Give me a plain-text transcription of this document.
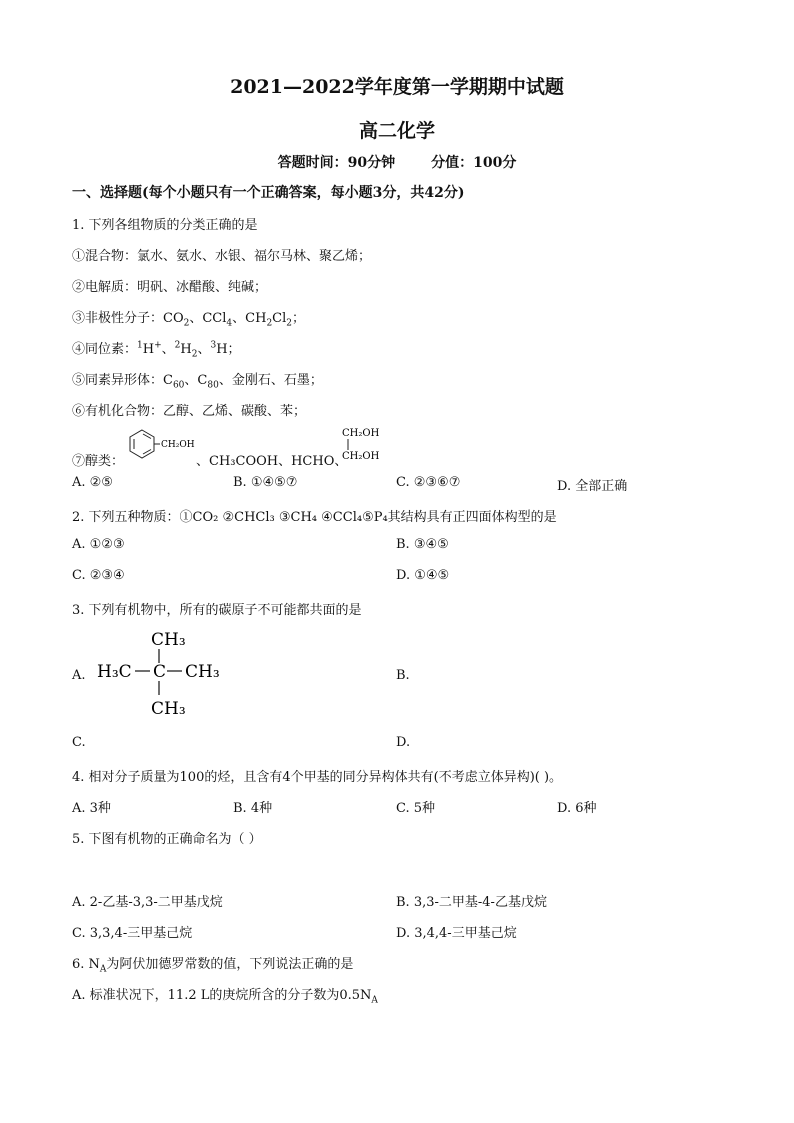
2021—2022学年度第一学期期中试题
高二化学
答题时间：90分钟	分值：100分
一、选择题(每个小题只有一个正确答案，每小题3分，共42分)
1. 下列各组物质的分类正确的是
①混合物：氯水、氨水、水银、福尔马林、聚乙烯；
②电解质：明矾、冰醋酸、纯碱；
③非极性分子：$CO_2$、CCl$_4$、$CH_2Cl_2$；
④同位素：$^1$H+、$^2H_2$、$^3$H；
⑤同素异形体：$C_{60}$、$C_{80}$、金刚石、石墨；
⑥有机化合物：乙醇、乙烯、碳酸、苯；
⑦醇类：
CH₂OH
、CH₃COOH、HCHO、
CH₂OH
CH₂OH
A. ②⑤	B. ①④⑤⑦	C. ②③⑥⑦	D. 全部正确
2. 下列五种物质：①CO₂ ②CHCl₃ ③CH₄ ④CCl₄⑤P₄其结构具有正四面体构型的是
A. ①②③	B. ③④⑤
C. ②③④	D. ①④⑤
3. 下列有机物中，所有的碳原子不可能都共面的是
A.
CH₃
H₃C C CH₃
CH₃
B.
C.	D.
4. 相对分子质量为100的烃，且含有4个甲基的同分异构体共有(不考虑立体异构)( )。
A. 3种	B. 4种	C. 5种	D. 6种
5. 下图有机物的正确命名为（ ）
A. 2-乙基-3,3-二甲基戊烷	B. 3,3-二甲基-4-乙基戊烷
C. 3,3,4-三甲基己烷	D. 3,4,4-三甲基己烷
6. $N_A$为阿伏加德罗常数的值，下列说法正确的是
A. 标准状况下，11.2 L的庚烷所含的分子数为$0.5N_A$
